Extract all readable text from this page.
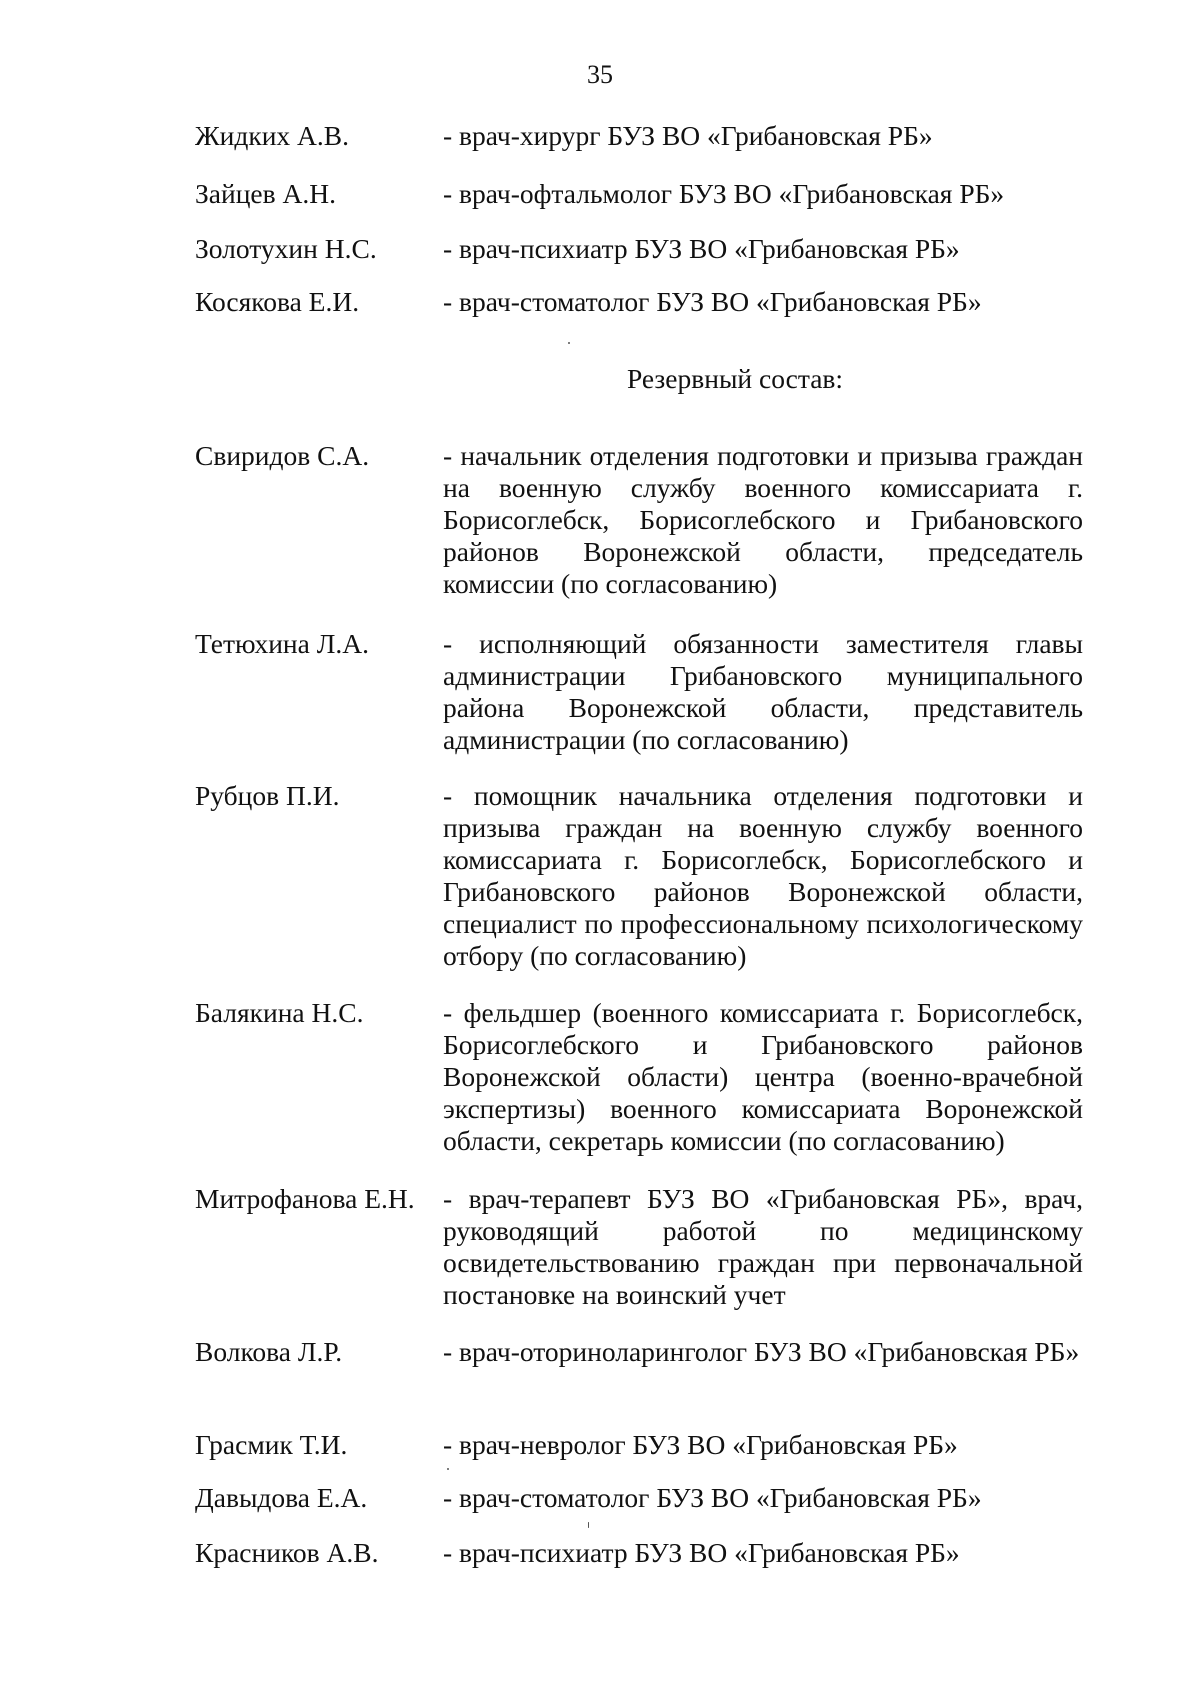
35
Жидких А.В.	- врач-хирург БУЗ ВО «Грибановская РБ»
Зайцев А.Н.	- врач-офтальмолог БУЗ ВО «Грибановская РБ»
Золотухин Н.С.	- врач-психиатр БУЗ ВО «Грибановская РБ»
Косякова Е.И.	- врач-стоматолог БУЗ ВО «Грибановская РБ»
Резервный состав:
Свиридов С.А.	- начальник отделения подготовки и призыва граждан на военную службу военного комиссариата г. Борисоглебск, Борисоглебского и Грибановского районов Воронежской области, председатель комиссии (по согласованию)
Тетюхина Л.А.	- исполняющий обязанности заместителя главы администрации Грибановского муниципального района Воронежской области, представитель администрации (по согласованию)
Рубцов П.И.	- помощник начальника отделения подготовки и призыва граждан на военную службу военного комиссариата г. Борисоглебск, Борисоглебского и Грибановского районов Воронежской области, специалист по профессиональному психологическому отбору (по согласованию)
Балякина Н.С.	- фельдшер (военного комиссариата г. Борисоглебск, Борисоглебского и Грибановского районов Воронежской области) центра (военно-врачебной экспертизы) военного комиссариата Воронежской области, секретарь комиссии (по согласованию)
Митрофанова Е.Н.	- врач-терапевт БУЗ ВО «Грибановская РБ», врач, руководящий работой по медицинскому освидетельствованию граждан при первоначальной постановке на воинский учет
Волкова Л.Р.	- врач-оториноларинголог БУЗ ВО «Грибановская РБ»
Грасмик Т.И.	- врач-невролог БУЗ ВО «Грибановская РБ»
Давыдова Е.А.	- врач-стоматолог БУЗ ВО «Грибановская РБ»
Красников А.В.	- врач-психиатр БУЗ ВО «Грибановская РБ»
